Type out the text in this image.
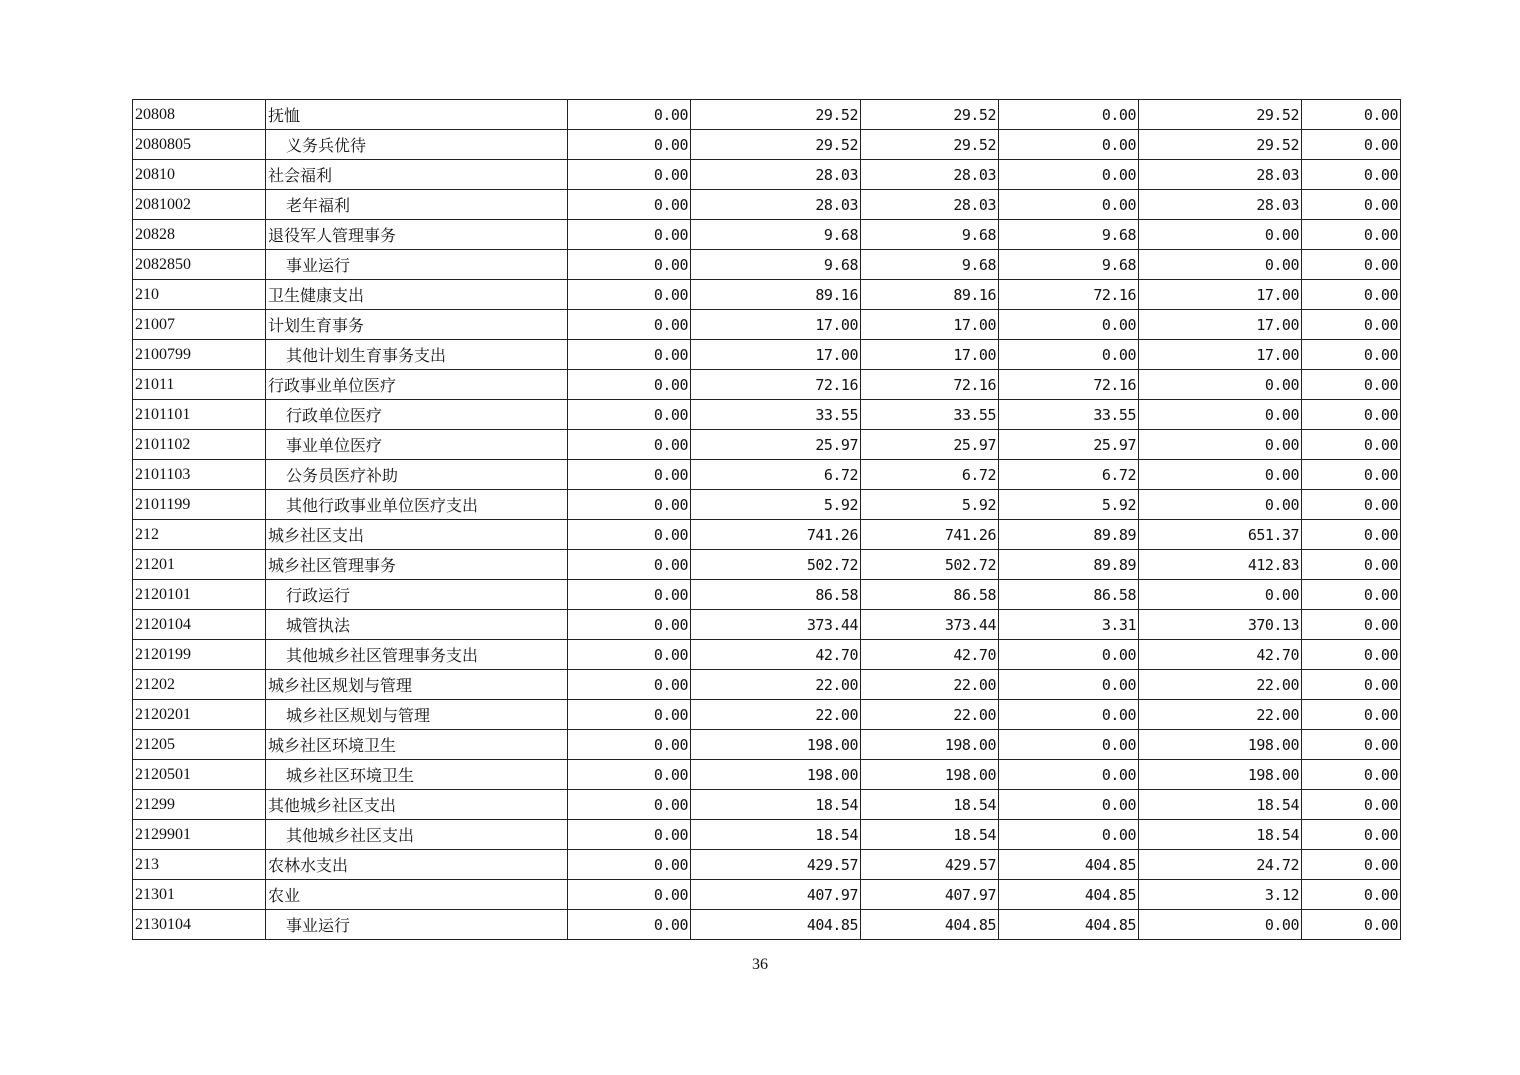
20808	抚恤	0.00	29.52	29.52	0.00	29.52	0.00
2080805	义务兵优待	0.00	29.52	29.52	0.00	29.52	0.00
20810	社会福利	0.00	28.03	28.03	0.00	28.03	0.00
2081002	老年福利	0.00	28.03	28.03	0.00	28.03	0.00
20828	退役军人管理事务	0.00	9.68	9.68	9.68	0.00	0.00
2082850	事业运行	0.00	9.68	9.68	9.68	0.00	0.00
210	卫生健康支出	0.00	89.16	89.16	72.16	17.00	0.00
21007	计划生育事务	0.00	17.00	17.00	0.00	17.00	0.00
2100799	其他计划生育事务支出	0.00	17.00	17.00	0.00	17.00	0.00
21011	行政事业单位医疗	0.00	72.16	72.16	72.16	0.00	0.00
2101101	行政单位医疗	0.00	33.55	33.55	33.55	0.00	0.00
2101102	事业单位医疗	0.00	25.97	25.97	25.97	0.00	0.00
2101103	公务员医疗补助	0.00	6.72	6.72	6.72	0.00	0.00
2101199	其他行政事业单位医疗支出	0.00	5.92	5.92	5.92	0.00	0.00
212	城乡社区支出	0.00	741.26	741.26	89.89	651.37	0.00
21201	城乡社区管理事务	0.00	502.72	502.72	89.89	412.83	0.00
2120101	行政运行	0.00	86.58	86.58	86.58	0.00	0.00
2120104	城管执法	0.00	373.44	373.44	3.31	370.13	0.00
2120199	其他城乡社区管理事务支出	0.00	42.70	42.70	0.00	42.70	0.00
21202	城乡社区规划与管理	0.00	22.00	22.00	0.00	22.00	0.00
2120201	城乡社区规划与管理	0.00	22.00	22.00	0.00	22.00	0.00
21205	城乡社区环境卫生	0.00	198.00	198.00	0.00	198.00	0.00
2120501	城乡社区环境卫生	0.00	198.00	198.00	0.00	198.00	0.00
21299	其他城乡社区支出	0.00	18.54	18.54	0.00	18.54	0.00
2129901	其他城乡社区支出	0.00	18.54	18.54	0.00	18.54	0.00
213	农林水支出	0.00	429.57	429.57	404.85	24.72	0.00
21301	农业	0.00	407.97	407.97	404.85	3.12	0.00
2130104	事业运行	0.00	404.85	404.85	404.85	0.00	0.00
36
